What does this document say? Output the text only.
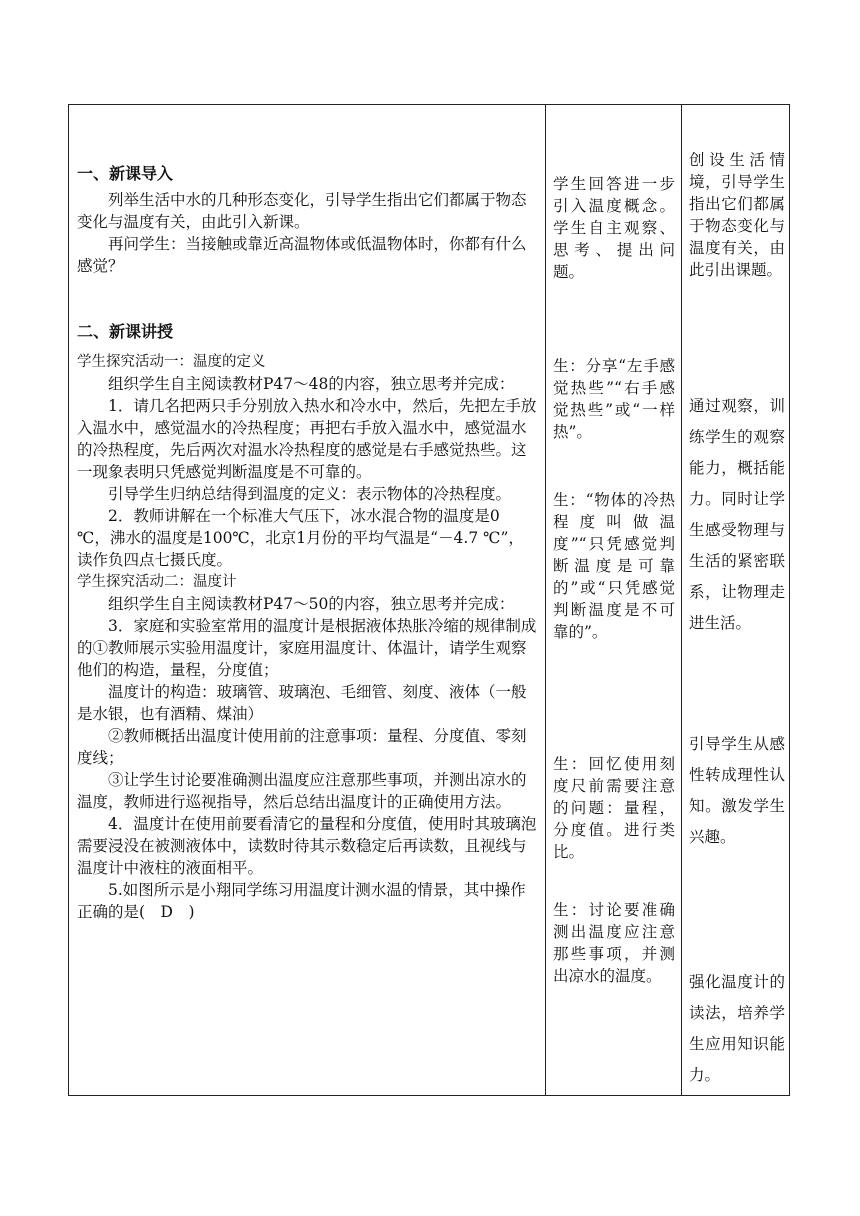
一、新课导入

列举生活中水的几种形态变化，引导学生指出它们都属于物态变化与温度有关，由此引入新课。

再问学生：当接触或靠近高温物体或低温物体时，你都有什么感觉？

二、新课讲授

学生探究活动一：温度的定义

组织学生自主阅读教材P47～48的内容，独立思考并完成：

1．请几名把两只手分别放入热水和冷水中，然后，先把左手放入温水中，感觉温水的冷热程度；再把右手放入温水中，感觉温水的冷热程度，先后两次对温水冷热程度的感觉是右手感觉热些。这一现象表明只凭感觉判断温度是不可靠的。

引导学生归纳总结得到温度的定义：表示物体的冷热程度。

2．教师讲解在一个标准大气压下，冰水混合物的温度是0 ℃，沸水的温度是100℃，北京1月份的平均气温是“－4.7 ℃”，读作负四点七摄氏度。

学生探究活动二：温度计

组织学生自主阅读教材P47～50的内容，独立思考并完成：

3．家庭和实验室常用的温度计是根据液体热胀冷缩的规律制成的①教师展示实验用温度计，家庭用温度计、体温计，请学生观察他们的构造，量程，分度值；

温度计的构造：玻璃管、玻璃泡、毛细管、刻度、液体（一般是水银，也有酒精、煤油）

②教师概括出温度计使用前的注意事项：量程、分度值、零刻度线；

③让学生讨论要准确测出温度应注意那些事项，并测出凉水的温度，教师进行巡视指导，然后总结出温度计的正确使用方法。

4．温度计在使用前要看清它的量程和分度值，使用时其玻璃泡需要浸没在被测液体中，读数时待其示数稳定后再读数，且视线与温度计中液柱的液面相平。

5.如图所示是小翔同学练习用温度计测水温的情景，其中操作正确的是(　D　)

学生回答进一步引入温度概念。学生自主观察、思考、提出问题。

生：分享“左手感觉热些”“右手感觉热些”或“一样热”。

生：“物体的冷热程度叫做温度”“只凭感觉判断温度是可靠的”或“只凭感觉判断温度是不可靠的”。

生：回忆使用刻度尺前需要注意的问题：量程，分度值。进行类比。

生：讨论要准确测出温度应注意那些事项，并测出凉水的温度。

创设生活情境，引导学生指出它们都属于物态变化与温度有关，由此引出课题。

通过观察，训练学生的观察能力，概括能力。同时让学生感受物理与生活的紧密联系，让物理走进生活。

引导学生从感性转成理性认知。激发学生兴趣。

强化温度计的读法，培养学生应用知识能力。
